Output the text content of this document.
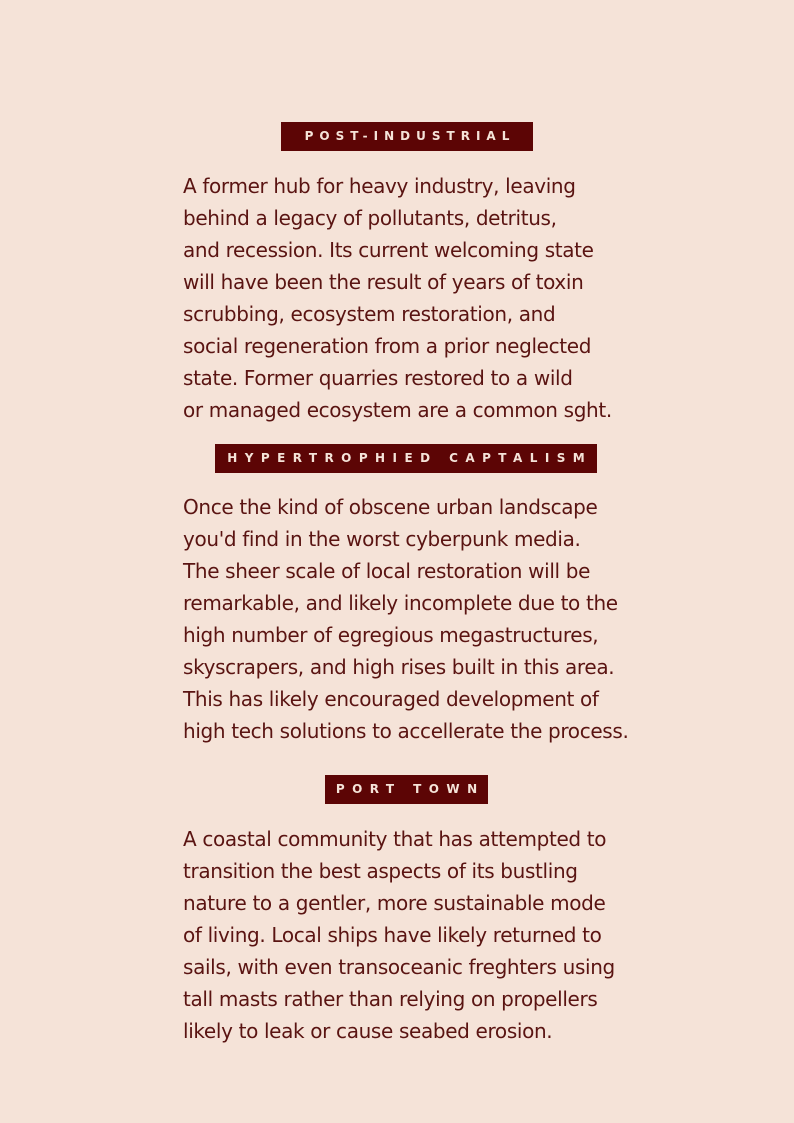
POST-INDUSTRIAL
A former hub for heavy industry, leaving
behind a legacy of pollutants, detritus,
and recession. Its current welcoming state
will have been the result of years of toxin
scrubbing, ecosystem restoration, and
social regeneration from a prior neglected
state. Former quarries restored to a wild
or managed ecosystem are a common sght.
HYPERTROPHIED CAPTALISM
Once the kind of obscene urban landscape
you'd find in the worst cyberpunk media.
The sheer scale of local restoration will be
remarkable, and likely incomplete due to the
high number of egregious megastructures,
skyscrapers, and high rises built in this area.
This has likely encouraged development of
high tech solutions to accellerate the process.
PORT TOWN
A coastal community that has attempted to
transition the best aspects of its bustling
nature to a gentler, more sustainable mode
of living. Local ships have likely returned to
sails, with even transoceanic freghters using
tall masts rather than relying on propellers
likely to leak or cause seabed erosion.
